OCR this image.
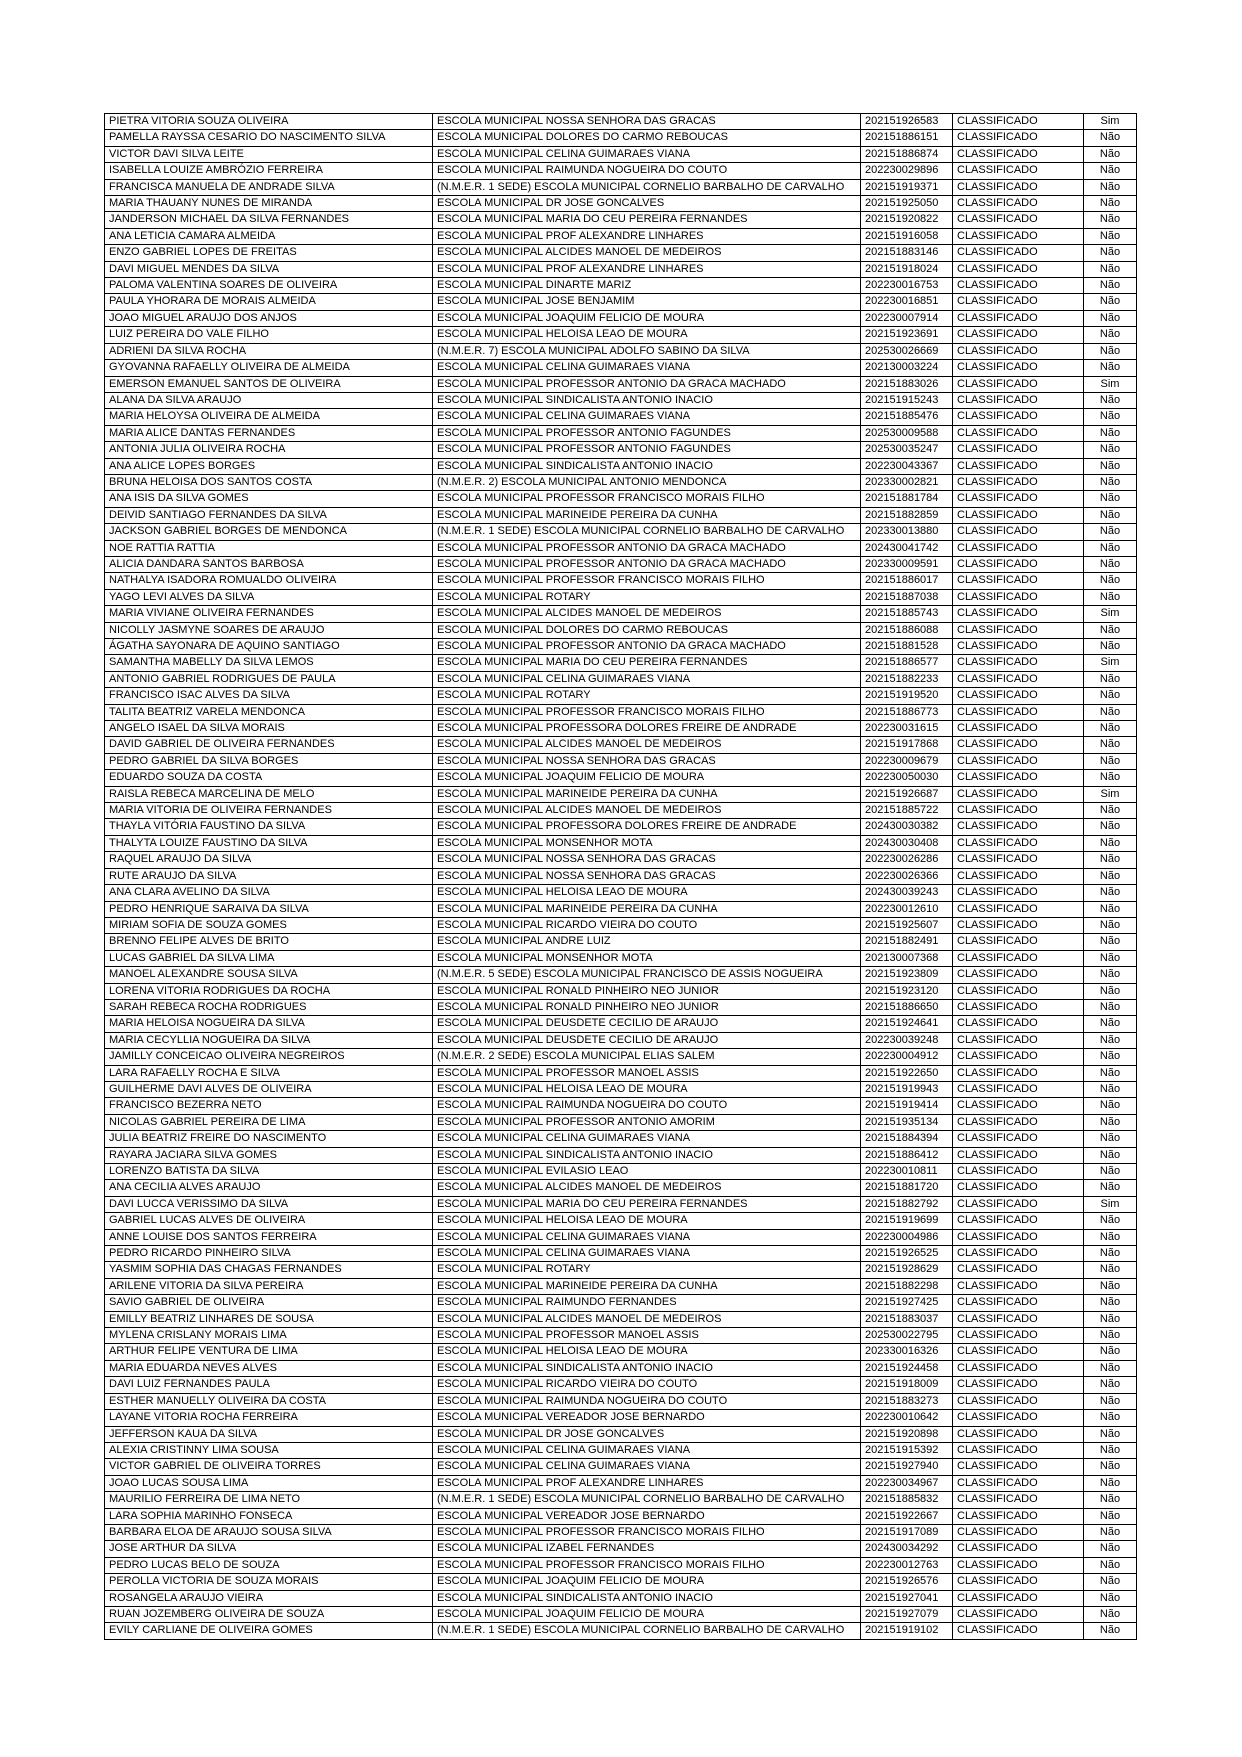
PIETRA VITORIA SOUZA OLIVEIRA	ESCOLA MUNICIPAL NOSSA SENHORA DAS GRACAS	202151926583	CLASSIFICADO	Sim
PAMELLA RAYSSA CESARIO DO NASCIMENTO SILVA	ESCOLA MUNICIPAL DOLORES DO CARMO REBOUCAS	202151886151	CLASSIFICADO	Não
VICTOR DAVI SILVA LEITE	ESCOLA MUNICIPAL CELINA GUIMARAES VIANA	202151886874	CLASSIFICADO	Não
ISABELLA LOUIZE AMBRÓZIO FERREIRA	ESCOLA MUNICIPAL RAIMUNDA NOGUEIRA DO COUTO	202230029896	CLASSIFICADO	Não
FRANCISCA MANUELA DE ANDRADE SILVA	(N.M.E.R. 1 SEDE) ESCOLA MUNICIPAL CORNELIO BARBALHO DE CARVALHO	202151919371	CLASSIFICADO	Não
MARIA THAUANY NUNES DE MIRANDA	ESCOLA MUNICIPAL DR JOSE GONCALVES	202151925050	CLASSIFICADO	Não
JANDERSON MICHAEL DA SILVA FERNANDES	ESCOLA MUNICIPAL MARIA DO CEU PEREIRA FERNANDES	202151920822	CLASSIFICADO	Não
ANA LETICIA CAMARA ALMEIDA	ESCOLA MUNICIPAL PROF ALEXANDRE LINHARES	202151916058	CLASSIFICADO	Não
ENZO GABRIEL LOPES DE FREITAS	ESCOLA MUNICIPAL ALCIDES MANOEL DE MEDEIROS	202151883146	CLASSIFICADO	Não
DAVI MIGUEL MENDES DA SILVA	ESCOLA MUNICIPAL PROF ALEXANDRE LINHARES	202151918024	CLASSIFICADO	Não
PALOMA VALENTINA SOARES DE OLIVEIRA	ESCOLA MUNICIPAL DINARTE MARIZ	202230016753	CLASSIFICADO	Não
PAULA YHORARA DE MORAIS ALMEIDA	ESCOLA MUNICIPAL JOSE BENJAMIM	202230016851	CLASSIFICADO	Não
JOAO MIGUEL ARAUJO DOS ANJOS	ESCOLA MUNICIPAL JOAQUIM FELICIO DE MOURA	202230007914	CLASSIFICADO	Não
LUIZ PEREIRA DO VALE FILHO	ESCOLA MUNICIPAL HELOISA LEAO DE MOURA	202151923691	CLASSIFICADO	Não
ADRIENI DA SILVA ROCHA	(N.M.E.R. 7) ESCOLA MUNICIPAL ADOLFO SABINO DA SILVA	202530026669	CLASSIFICADO	Não
GYOVANNA RAFAELLY OLIVEIRA DE ALMEIDA	ESCOLA MUNICIPAL CELINA GUIMARAES VIANA	202130003224	CLASSIFICADO	Não
EMERSON EMANUEL SANTOS DE OLIVEIRA	ESCOLA MUNICIPAL PROFESSOR ANTONIO DA GRACA MACHADO	202151883026	CLASSIFICADO	Sim
ALANA DA SILVA ARAUJO	ESCOLA MUNICIPAL SINDICALISTA ANTONIO INACIO	202151915243	CLASSIFICADO	Não
MARIA HELOYSA OLIVEIRA DE ALMEIDA	ESCOLA MUNICIPAL CELINA GUIMARAES VIANA	202151885476	CLASSIFICADO	Não
MARIA ALICE DANTAS FERNANDES	ESCOLA MUNICIPAL PROFESSOR ANTONIO FAGUNDES	202530009588	CLASSIFICADO	Não
ANTONIA JULIA OLIVEIRA ROCHA	ESCOLA MUNICIPAL PROFESSOR ANTONIO FAGUNDES	202530035247	CLASSIFICADO	Não
ANA ALICE LOPES BORGES	ESCOLA MUNICIPAL SINDICALISTA ANTONIO INACIO	202230043367	CLASSIFICADO	Não
BRUNA HELOISA DOS SANTOS COSTA	(N.M.E.R. 2) ESCOLA MUNICIPAL ANTONIO MENDONCA	202330002821	CLASSIFICADO	Não
ANA ISIS DA SILVA GOMES	ESCOLA MUNICIPAL PROFESSOR FRANCISCO MORAIS FILHO	202151881784	CLASSIFICADO	Não
DEIVID SANTIAGO FERNANDES DA SILVA	ESCOLA MUNICIPAL MARINEIDE PEREIRA DA CUNHA	202151882859	CLASSIFICADO	Não
JACKSON GABRIEL BORGES DE MENDONCA	(N.M.E.R. 1 SEDE) ESCOLA MUNICIPAL CORNELIO BARBALHO DE CARVALHO	202330013880	CLASSIFICADO	Não
NOE RATTIA RATTIA	ESCOLA MUNICIPAL PROFESSOR ANTONIO DA GRACA MACHADO	202430041742	CLASSIFICADO	Não
ALICIA DANDARA SANTOS BARBOSA	ESCOLA MUNICIPAL PROFESSOR ANTONIO DA GRACA MACHADO	202330009591	CLASSIFICADO	Não
NATHALYA ISADORA ROMUALDO OLIVEIRA	ESCOLA MUNICIPAL PROFESSOR FRANCISCO MORAIS FILHO	202151886017	CLASSIFICADO	Não
YAGO LEVI ALVES DA SILVA	ESCOLA MUNICIPAL ROTARY	202151887038	CLASSIFICADO	Não
MARIA VIVIANE OLIVEIRA FERNANDES	ESCOLA MUNICIPAL ALCIDES MANOEL DE MEDEIROS	202151885743	CLASSIFICADO	Sim
NICOLLY JASMYNE SOARES DE ARAUJO	ESCOLA MUNICIPAL DOLORES DO CARMO REBOUCAS	202151886088	CLASSIFICADO	Não
ÁGATHA SAYONARA DE AQUINO SANTIAGO	ESCOLA MUNICIPAL PROFESSOR ANTONIO DA GRACA MACHADO	202151881528	CLASSIFICADO	Não
SAMANTHA MABELLY DA SILVA LEMOS	ESCOLA MUNICIPAL MARIA DO CEU PEREIRA FERNANDES	202151886577	CLASSIFICADO	Sim
ANTONIO GABRIEL RODRIGUES DE PAULA	ESCOLA MUNICIPAL CELINA GUIMARAES VIANA	202151882233	CLASSIFICADO	Não
FRANCISCO ISAC ALVES DA SILVA	ESCOLA MUNICIPAL ROTARY	202151919520	CLASSIFICADO	Não
TALITA BEATRIZ VARELA MENDONCA	ESCOLA MUNICIPAL PROFESSOR FRANCISCO MORAIS FILHO	202151886773	CLASSIFICADO	Não
ANGELO ISAEL DA SILVA MORAIS	ESCOLA MUNICIPAL PROFESSORA DOLORES FREIRE DE ANDRADE	202230031615	CLASSIFICADO	Não
DAVID GABRIEL DE OLIVEIRA FERNANDES	ESCOLA MUNICIPAL ALCIDES MANOEL DE MEDEIROS	202151917868	CLASSIFICADO	Não
PEDRO GABRIEL DA SILVA BORGES	ESCOLA MUNICIPAL NOSSA SENHORA DAS GRACAS	202230009679	CLASSIFICADO	Não
EDUARDO SOUZA DA COSTA	ESCOLA MUNICIPAL JOAQUIM FELICIO DE MOURA	202230050030	CLASSIFICADO	Não
RAISLA REBECA MARCELINA DE MELO	ESCOLA MUNICIPAL MARINEIDE PEREIRA DA CUNHA	202151926687	CLASSIFICADO	Sim
MARIA VITORIA DE OLIVEIRA FERNANDES	ESCOLA MUNICIPAL ALCIDES MANOEL DE MEDEIROS	202151885722	CLASSIFICADO	Não
THAYLA VITÓRIA FAUSTINO DA SILVA	ESCOLA MUNICIPAL PROFESSORA DOLORES FREIRE DE ANDRADE	202430030382	CLASSIFICADO	Não
THALYTA LOUIZE FAUSTINO DA SILVA	ESCOLA MUNICIPAL MONSENHOR MOTA	202430030408	CLASSIFICADO	Não
RAQUEL ARAUJO DA SILVA	ESCOLA MUNICIPAL NOSSA SENHORA DAS GRACAS	202230026286	CLASSIFICADO	Não
RUTE ARAUJO DA SILVA	ESCOLA MUNICIPAL NOSSA SENHORA DAS GRACAS	202230026366	CLASSIFICADO	Não
ANA CLARA AVELINO DA SILVA	ESCOLA MUNICIPAL HELOISA LEAO DE MOURA	202430039243	CLASSIFICADO	Não
PEDRO HENRIQUE SARAIVA DA SILVA	ESCOLA MUNICIPAL MARINEIDE PEREIRA DA CUNHA	202230012610	CLASSIFICADO	Não
MIRIAM SOFIA DE SOUZA GOMES	ESCOLA MUNICIPAL RICARDO VIEIRA DO COUTO	202151925607	CLASSIFICADO	Não
BRENNO FELIPE ALVES DE BRITO	ESCOLA MUNICIPAL ANDRE LUIZ	202151882491	CLASSIFICADO	Não
LUCAS GABRIEL DA SILVA LIMA	ESCOLA MUNICIPAL MONSENHOR MOTA	202130007368	CLASSIFICADO	Não
MANOEL ALEXANDRE SOUSA SILVA	(N.M.E.R. 5 SEDE) ESCOLA MUNICIPAL FRANCISCO DE ASSIS NOGUEIRA	202151923809	CLASSIFICADO	Não
LORENA VITORIA RODRIGUES DA ROCHA	ESCOLA MUNICIPAL RONALD PINHEIRO NEO JUNIOR	202151923120	CLASSIFICADO	Não
SARAH REBECA ROCHA RODRIGUES	ESCOLA MUNICIPAL RONALD PINHEIRO NEO JUNIOR	202151886650	CLASSIFICADO	Não
MARIA HELOISA NOGUEIRA DA SILVA	ESCOLA MUNICIPAL DEUSDETE CECILIO DE ARAUJO	202151924641	CLASSIFICADO	Não
MARIA CECYLLIA NOGUEIRA DA SILVA	ESCOLA MUNICIPAL DEUSDETE CECILIO DE ARAUJO	202230039248	CLASSIFICADO	Não
JAMILLY CONCEICAO OLIVEIRA NEGREIROS	(N.M.E.R. 2 SEDE) ESCOLA MUNICIPAL ELIAS SALEM	202230004912	CLASSIFICADO	Não
LARA RAFAELLY ROCHA E SILVA	ESCOLA MUNICIPAL PROFESSOR MANOEL ASSIS	202151922650	CLASSIFICADO	Não
GUILHERME DAVI ALVES DE OLIVEIRA	ESCOLA MUNICIPAL HELOISA LEAO DE MOURA	202151919943	CLASSIFICADO	Não
FRANCISCO BEZERRA NETO	ESCOLA MUNICIPAL RAIMUNDA NOGUEIRA DO COUTO	202151919414	CLASSIFICADO	Não
NICOLAS GABRIEL PEREIRA DE LIMA	ESCOLA MUNICIPAL PROFESSOR ANTONIO AMORIM	202151935134	CLASSIFICADO	Não
JULIA BEATRIZ FREIRE DO NASCIMENTO	ESCOLA MUNICIPAL CELINA GUIMARAES VIANA	202151884394	CLASSIFICADO	Não
RAYARA JACIARA SILVA GOMES	ESCOLA MUNICIPAL SINDICALISTA ANTONIO INACIO	202151886412	CLASSIFICADO	Não
LORENZO BATISTA DA SILVA	ESCOLA MUNICIPAL EVILASIO LEAO	202230010811	CLASSIFICADO	Não
ANA CECILIA ALVES ARAUJO	ESCOLA MUNICIPAL ALCIDES MANOEL DE MEDEIROS	202151881720	CLASSIFICADO	Não
DAVI LUCCA VERISSIMO DA SILVA	ESCOLA MUNICIPAL MARIA DO CEU PEREIRA FERNANDES	202151882792	CLASSIFICADO	Sim
GABRIEL LUCAS ALVES DE OLIVEIRA	ESCOLA MUNICIPAL HELOISA LEAO DE MOURA	202151919699	CLASSIFICADO	Não
ANNE LOUISE DOS SANTOS FERREIRA	ESCOLA MUNICIPAL CELINA GUIMARAES VIANA	202230004986	CLASSIFICADO	Não
PEDRO RICARDO PINHEIRO SILVA	ESCOLA MUNICIPAL CELINA GUIMARAES VIANA	202151926525	CLASSIFICADO	Não
YASMIM SOPHIA DAS CHAGAS FERNANDES	ESCOLA MUNICIPAL ROTARY	202151928629	CLASSIFICADO	Não
ARILENE VITORIA DA SILVA PEREIRA	ESCOLA MUNICIPAL MARINEIDE PEREIRA DA CUNHA	202151882298	CLASSIFICADO	Não
SAVIO GABRIEL DE OLIVEIRA	ESCOLA MUNICIPAL RAIMUNDO FERNANDES	202151927425	CLASSIFICADO	Não
EMILLY BEATRIZ LINHARES DE SOUSA	ESCOLA MUNICIPAL ALCIDES MANOEL DE MEDEIROS	202151883037	CLASSIFICADO	Não
MYLENA CRISLANY MORAIS LIMA	ESCOLA MUNICIPAL PROFESSOR MANOEL ASSIS	202530022795	CLASSIFICADO	Não
ARTHUR FELIPE VENTURA DE LIMA	ESCOLA MUNICIPAL HELOISA LEAO DE MOURA	202330016326	CLASSIFICADO	Não
MARIA EDUARDA NEVES ALVES	ESCOLA MUNICIPAL SINDICALISTA ANTONIO INACIO	202151924458	CLASSIFICADO	Não
DAVI LUIZ FERNANDES PAULA	ESCOLA MUNICIPAL RICARDO VIEIRA DO COUTO	202151918009	CLASSIFICADO	Não
ESTHER MANUELLY OLIVEIRA DA COSTA	ESCOLA MUNICIPAL RAIMUNDA NOGUEIRA DO COUTO	202151883273	CLASSIFICADO	Não
LAYANE VITORIA ROCHA FERREIRA	ESCOLA MUNICIPAL VEREADOR JOSE BERNARDO	202230010642	CLASSIFICADO	Não
JEFFERSON KAUA DA SILVA	ESCOLA MUNICIPAL DR JOSE GONCALVES	202151920898	CLASSIFICADO	Não
ALEXIA CRISTINNY LIMA SOUSA	ESCOLA MUNICIPAL CELINA GUIMARAES VIANA	202151915392	CLASSIFICADO	Não
VICTOR GABRIEL DE OLIVEIRA TORRES	ESCOLA MUNICIPAL CELINA GUIMARAES VIANA	202151927940	CLASSIFICADO	Não
JOAO LUCAS SOUSA LIMA	ESCOLA MUNICIPAL PROF ALEXANDRE LINHARES	202230034967	CLASSIFICADO	Não
MAURILIO FERREIRA DE LIMA NETO	(N.M.E.R. 1 SEDE) ESCOLA MUNICIPAL CORNELIO BARBALHO DE CARVALHO	202151885832	CLASSIFICADO	Não
LARA SOPHIA MARINHO FONSECA	ESCOLA MUNICIPAL VEREADOR JOSE BERNARDO	202151922667	CLASSIFICADO	Não
BARBARA ELOA DE ARAUJO SOUSA SILVA	ESCOLA MUNICIPAL PROFESSOR FRANCISCO MORAIS FILHO	202151917089	CLASSIFICADO	Não
JOSE ARTHUR DA SILVA	ESCOLA MUNICIPAL IZABEL FERNANDES	202430034292	CLASSIFICADO	Não
PEDRO LUCAS BELO DE SOUZA	ESCOLA MUNICIPAL PROFESSOR FRANCISCO MORAIS FILHO	202230012763	CLASSIFICADO	Não
PEROLLA VICTORIA DE SOUZA MORAIS	ESCOLA MUNICIPAL JOAQUIM FELICIO DE MOURA	202151926576	CLASSIFICADO	Não
ROSANGELA ARAUJO VIEIRA	ESCOLA MUNICIPAL SINDICALISTA ANTONIO INACIO	202151927041	CLASSIFICADO	Não
RUAN JOZEMBERG OLIVEIRA DE SOUZA	ESCOLA MUNICIPAL JOAQUIM FELICIO DE MOURA	202151927079	CLASSIFICADO	Não
EVILY CARLIANE DE OLIVEIRA GOMES	(N.M.E.R. 1 SEDE) ESCOLA MUNICIPAL CORNELIO BARBALHO DE CARVALHO	202151919102	CLASSIFICADO	Não
